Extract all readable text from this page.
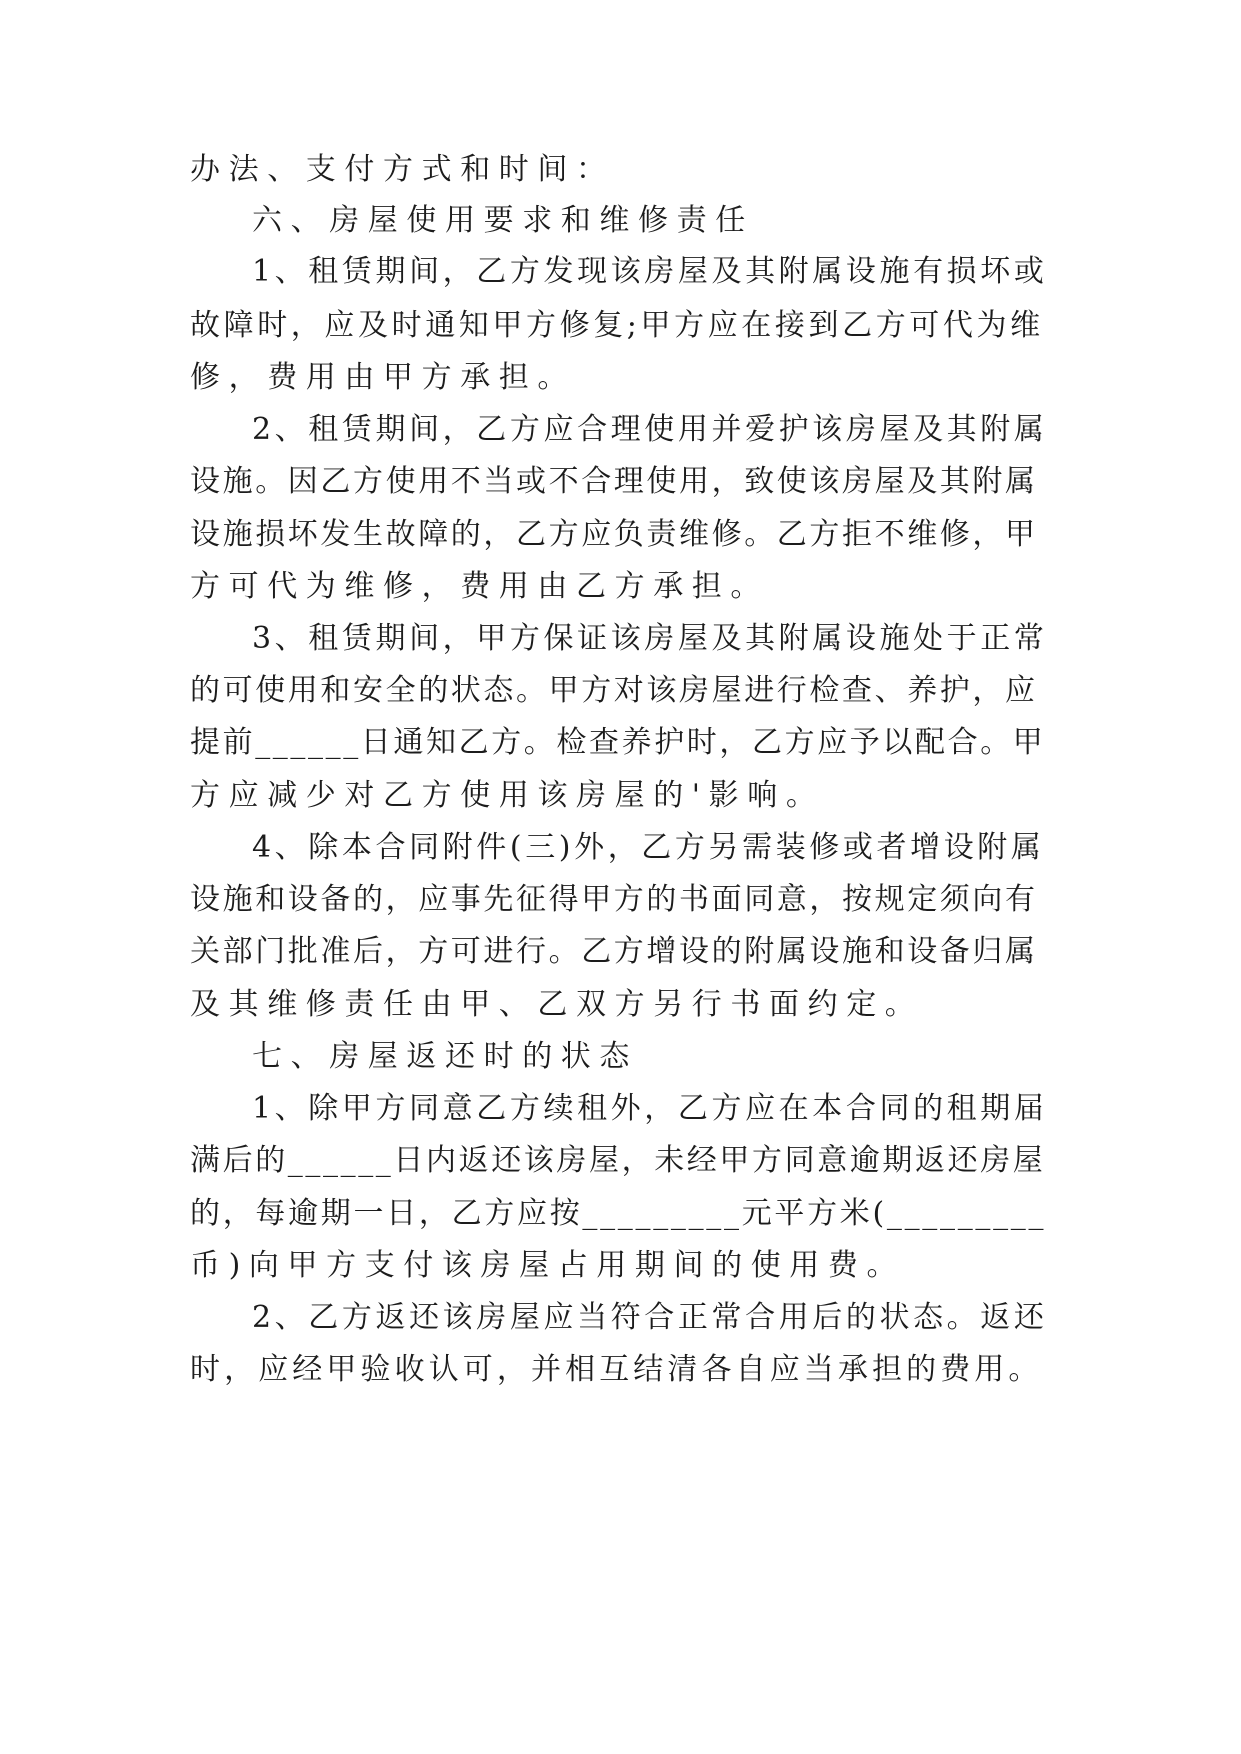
办法、支付方式和时间：

六、房屋使用要求和维修责任

1、租赁期间，乙方发现该房屋及其附属设施有损坏或

故障时，应及时通知甲方修复;甲方应在接到乙方可代为维

修，费用由甲方承担。

2、租赁期间，乙方应合理使用并爱护该房屋及其附属

设施。因乙方使用不当或不合理使用，致使该房屋及其附属

设施损坏发生故障的，乙方应负责维修。乙方拒不维修，甲

方可代为维修，费用由乙方承担。

3、租赁期间，甲方保证该房屋及其附属设施处于正常

的可使用和安全的状态。甲方对该房屋进行检查、养护，应

提前______日通知乙方。检查养护时，乙方应予以配合。甲

方应减少对乙方使用该房屋的'影响。

4、除本合同附件(三)外，乙方另需装修或者增设附属

设施和设备的，应事先征得甲方的书面同意，按规定须向有

关部门批准后，方可进行。乙方增设的附属设施和设备归属

及其维修责任由甲、乙双方另行书面约定。

七、房屋返还时的状态

1、除甲方同意乙方续租外，乙方应在本合同的租期届

满后的______日内返还该房屋，未经甲方同意逾期返还房屋

的，每逾期一日，乙方应按_________元平方米(_________

币)向甲方支付该房屋占用期间的使用费。

2、乙方返还该房屋应当符合正常合用后的状态。返还

时，应经甲验收认可，并相互结清各自应当承担的费用。
